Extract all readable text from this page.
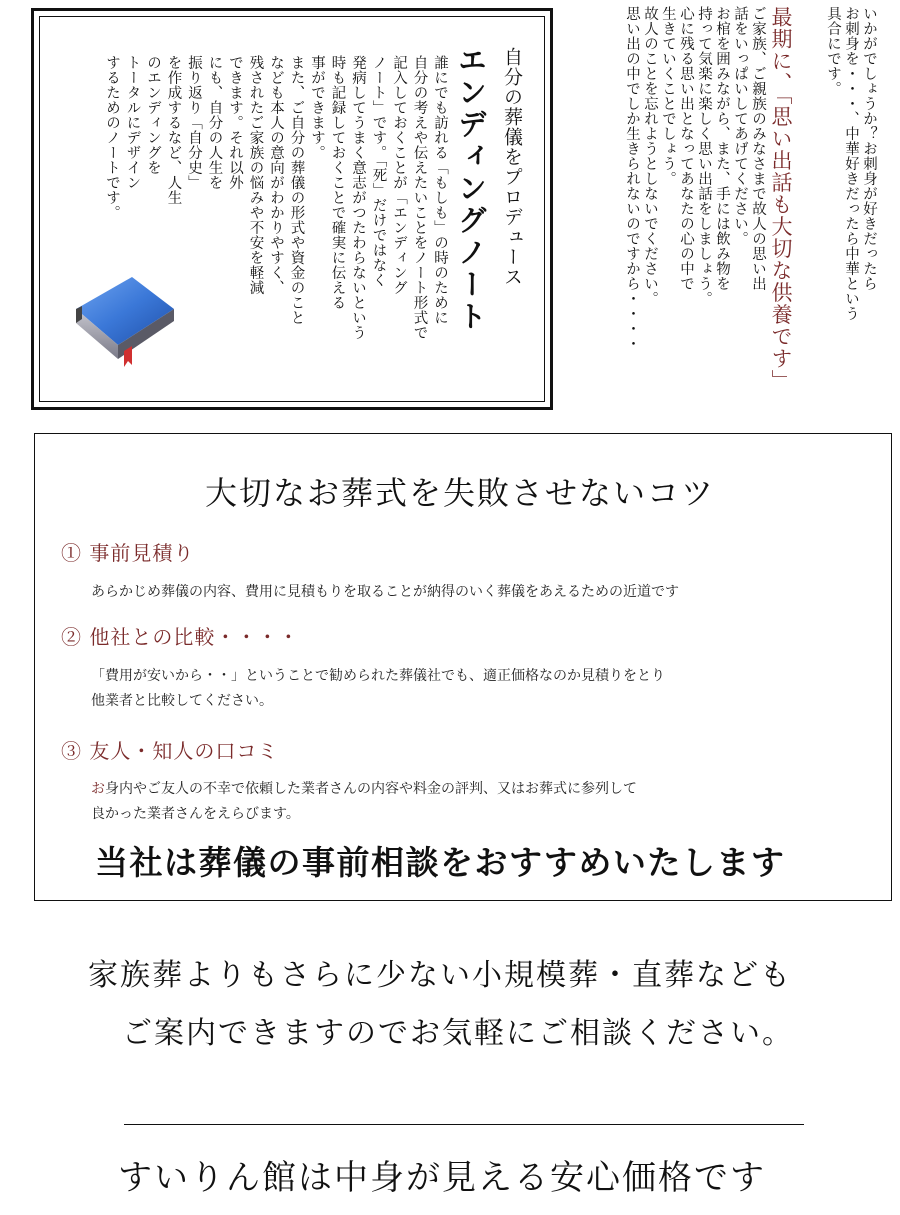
いかがでしょうか？お刺身が好きだったら
お刺身を・・・、中華好きだったら中華という
具合にです。

最期に、「思い出話も大切な供養です」

ご家族、ご親族のみなさまで故人の思い出
話をいっぱいしてあげてください。
お棺を囲みながら、また、手には飲み物を
持って気楽に楽しく思い出話をしましょう。
心に残る思い出となってあなたの心の中で
生きていくことでしょう。
故人のことを忘れようとしないでください。
思い出の中でしか生きられないのですから・・・・

自分の葬儀をプロデュース

エンディングノート

誰にでも訪れる「もしも」の時のために
自分の考えや伝えたいことをノート形式で
記入しておくことが「エンディング
ノート」です。「死」だけではなく
発病してうまく意志がつたわらないという
時も記録しておくことで確実に伝える
事ができます。
また、ご自分の葬儀の形式や資金のこと
なども本人の意向がわかりやすく、
残されたご家族の悩みや不安を軽減
できます。それ以外
にも、自分の人生を
振り返り「自分史」
を作成するなど、人生
のエンディングを
トータルにデザイン
するためのノートです。

大切なお葬式を失敗させないコツ

① 事前見積り

あらかじめ葬儀の内容、費用に見積もりを取ることが納得のいく葬儀をあえるための近道です

② 他社との比較・・・・

「費用が安いから・・」ということで勧められた葬儀社でも、適正価格なのか見積りをとり
他業者と比較してください。

③ 友人・知人の口コミ

お身内やご友人の不幸で依頼した業者さんの内容や料金の評判、又はお葬式に参列して
良かった業者さんをえらびます。

当社は葬儀の事前相談をおすすめいたします

家族葬よりもさらに少ない小規模葬・直葬なども

ご案内できますのでお気軽にご相談ください。

すいりん館は中身が見える安心価格です
